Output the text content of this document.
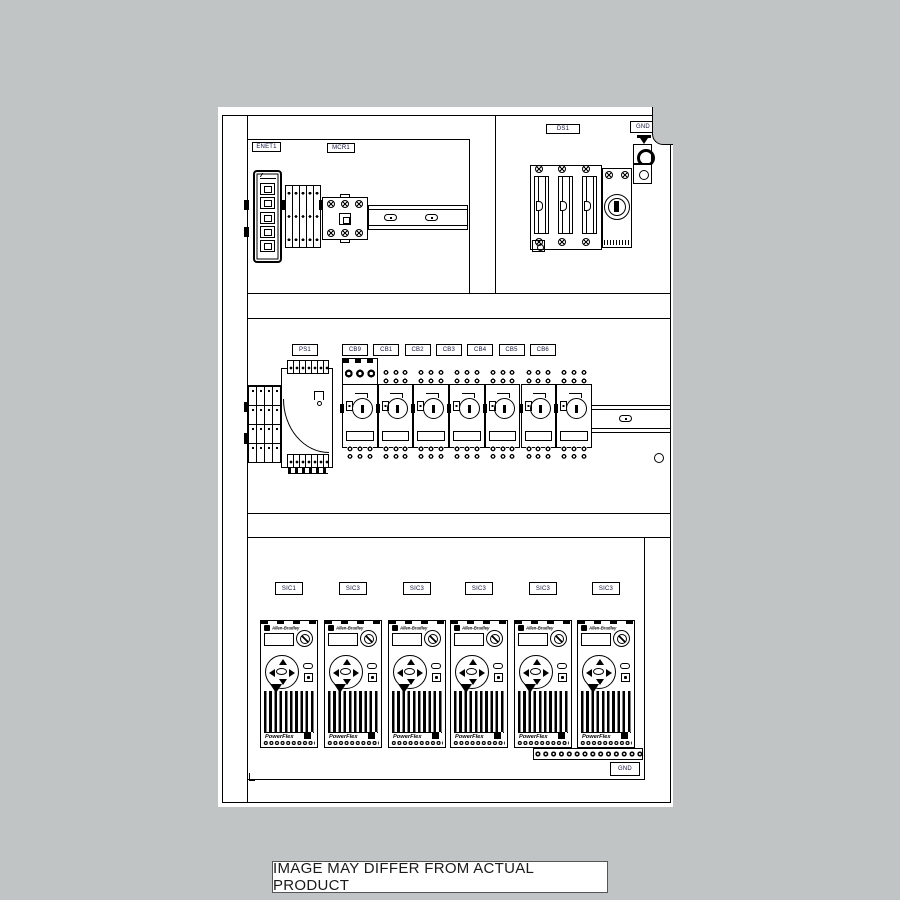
ENET1	MCR1
DS1	GND
PS1	CB9	CB1	CB2	CB3	CB4	CB5	CB6
SIC1	SIC3	SIC3	SIC3	SIC3	SIC3
Allen-Bradley
PowerFlex
Allen-Bradley
PowerFlex
Allen-Bradley
PowerFlex
Allen-Bradley
PowerFlex
Allen-Bradley
PowerFlex
Allen-Bradley
PowerFlex
GND
IMAGE MAY DIFFER FROM ACTUAL PRODUCT
